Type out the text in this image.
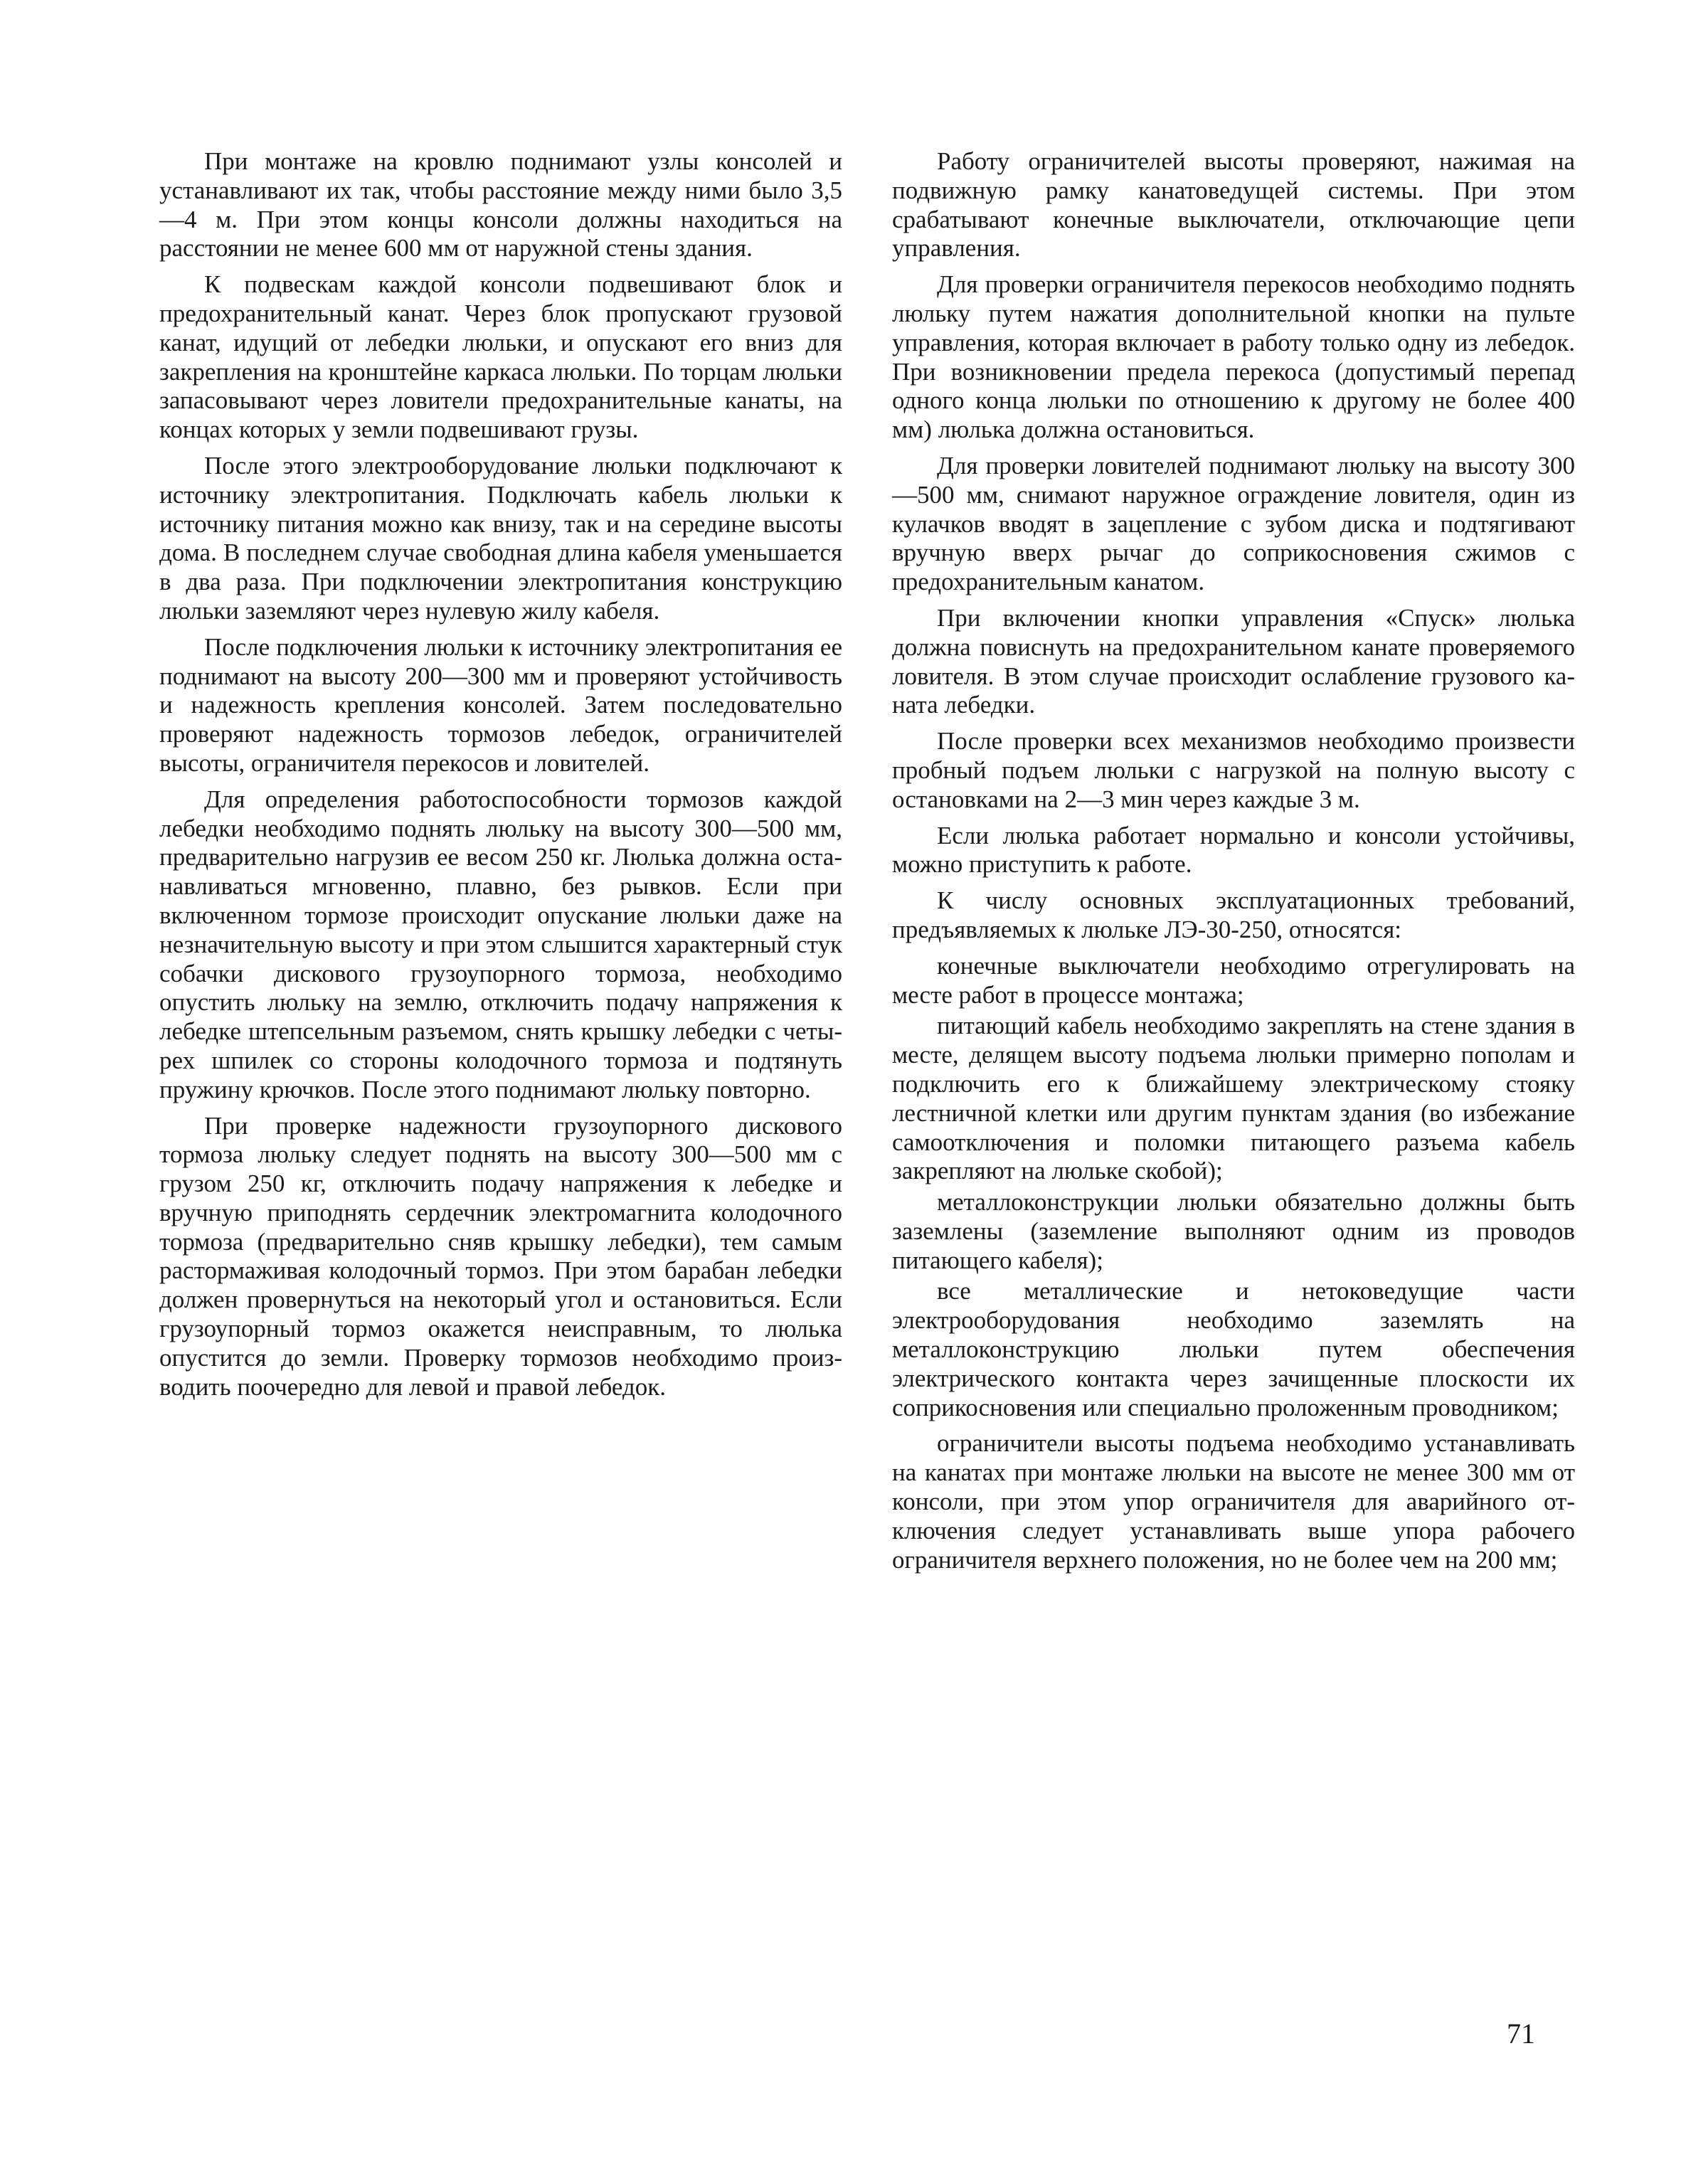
При монтаже на кровлю поднимают узлы консолей и устанавливают их так, чтобы расстояние между ними было 3,5—4 м. При этом концы консоли должны находиться на расстоянии не менее 600 мм от наружной стены здания.

К подвескам каждой консоли подвешивают блок и предохранительный канат. Через блок пропускают грузовой канат, идущий от лебедки люльки, и опускают его вниз для закрепления на кронштейне каркаса люльки. По торцам люльки запасовывают через ловители предохранительные канаты, на концах которых у земли подвешивают грузы.

После этого электрооборудование люльки подключают к источнику электропитания. Подключать кабель люльки к источнику питания можно как внизу, так и на середине высоты дома. В последнем случае свободная длина кабеля уменьшается в два раза. При подключении электропитания конструкцию люльки заземляют через нулевую жилу кабеля.

После подключения люльки к источнику электропитания ее поднимают на высоту 200—300 мм и проверяют устойчивость и надежность крепления консолей. Затем последовательно проверяют надежность тормозов лебедок, ограничителей высоты, ограничителя перекосов и ловителей.

Для определения работоспособности тормозов каждой лебедки необходимо поднять люльку на высоту 300—500 мм, предварительно нагрузив ее весом 250 кг. Люлька должна останавливаться мгновенно, плавно, без рывков. Если при включенном тормозе происходит опускание люльки даже на незначительную высоту и при этом слышится характерный стук собачки дискового грузоупорного тормоза, необходимо опустить люльку на землю, отключить подачу напряжения к лебедке штепсельным разъемом, снять крышку лебедки с четырех шпилек со стороны колодочного тормоза и подтянуть пружину крючков. После этого поднимают люльку повторно.

При проверке надежности грузоупорного дискового тормоза люльку следует поднять на высоту 300—500 мм с грузом 250 кг, отключить подачу напряжения к лебедке и вручную приподнять сердечник электромагнита колодочного тормоза (предварительно сняв крышку лебедки), тем самым растормаживая колодочный тормоз. При этом барабан лебедки должен провернуться на некоторый угол и остановиться. Если грузоупорный тормоз окажется неисправным, то люлька опустится до земли. Проверку тормозов необходимо производить поочередно для левой и правой лебедок.

Работу ограничителей высоты проверяют, нажимая на подвижную рамку канатоведущей системы. При этом срабатывают конечные выключатели, отключающие цепи управления.

Для проверки ограничителя перекосов необходимо поднять люльку путем нажатия дополнительной кнопки на пульте управления, которая включает в работу только одну из лебедок. При возникновении предела перекоса (допустимый перепад одного конца люльки по отношению к другому не более 400 мм) люлька должна остановиться.

Для проверки ловителей поднимают люльку на высоту 300—500 мм, снимают наружное ограждение ловителя, один из кулачков вводят в зацепление с зубом диска и подтягивают вручную вверх рычаг до соприкосновения сжимов с предохранительным канатом.

При включении кнопки управления «Спуск» люлька должна повиснуть на предохранительном канате проверяемого ловителя. В этом случае происходит ослабление грузового каната лебедки.

После проверки всех механизмов необходимо произвести пробный подъем люльки с нагрузкой на полную высоту с остановками на 2—3 мин через каждые 3 м.

Если люлька работает нормально и консоли устойчивы, можно приступить к работе.

К числу основных эксплуатационных требований, предъявляемых к люльке ЛЭ-30-250, относятся:

конечные выключатели необходимо отрегулировать на месте работ в процессе монтажа;

питающий кабель необходимо закреплять на стене здания в месте, делящем высоту подъема люльки примерно пополам и подключить его к ближайшему электрическому стояку лестничной клетки или другим пунктам здания (во избежание самоотключения и поломки питающего разъема кабель закрепляют на люльке скобой);

металлоконструкции люльки обязательно должны быть заземлены (заземление выполняют одним из проводов питающего кабеля);

все металлические и нетоковедущие части электрооборудования необходимо заземлять на металлоконструкцию люльки путем обеспечения электрического контакта через зачищенные плоскости их соприкосновения или специально проложенным проводником;

ограничители высоты подъема необходимо устанавливать на канатах при монтаже люльки на высоте не менее 300 мм от консоли, при этом упор ограничителя для аварийного отключения следует устанавливать выше упора рабочего ограничителя верхнего положения, но не более чем на 200 мм;

71
